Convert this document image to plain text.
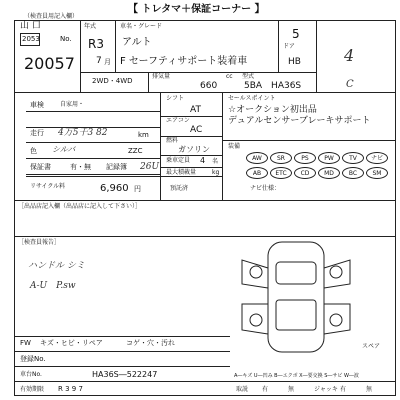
【 トレタマ＋保証コーナー 】
（検査員用記入欄）
山 口
2053	No.
20057
年式
R3
7 月
車名・グレード
アルト
F セーフティサポート装着車
5
ドア
HB
2WD・4WD
排気量
660
cc 型式
5BA　HA36S
4
C
車検	自家用・
走行 4万5千3 82	km
色 シルバ	ZZC
保証書	有・無 記録簿 26U
リサイクル料	6,960 円	預託済
シフト
AT
エアコン
AC
燃料
ガソリン
乗車定員 4 名
最大積載量	kg
セールスポイント
☆オークション初出品
デュアルセンサーブレーキサポート
装備
AW	SR	PS	PW	TV	ナビ
AB	ETC	CD	MD	BC	SM
ナビ仕様：
［出品店記入欄（出品店に記入して下さい）］
［検査員報告］
ハンドル シミ
A-U　P.sw
スペア
FW キズ・ヒビ・リペア	コゲ・穴・汚れ
登録No.
車台No.	HA36S―522247
有効期限 R 3 9 7
A―キズ U―凹み B―エクボ X―要交換 S―サビ W―波
取説 有	無	ジャッキ 有	無
